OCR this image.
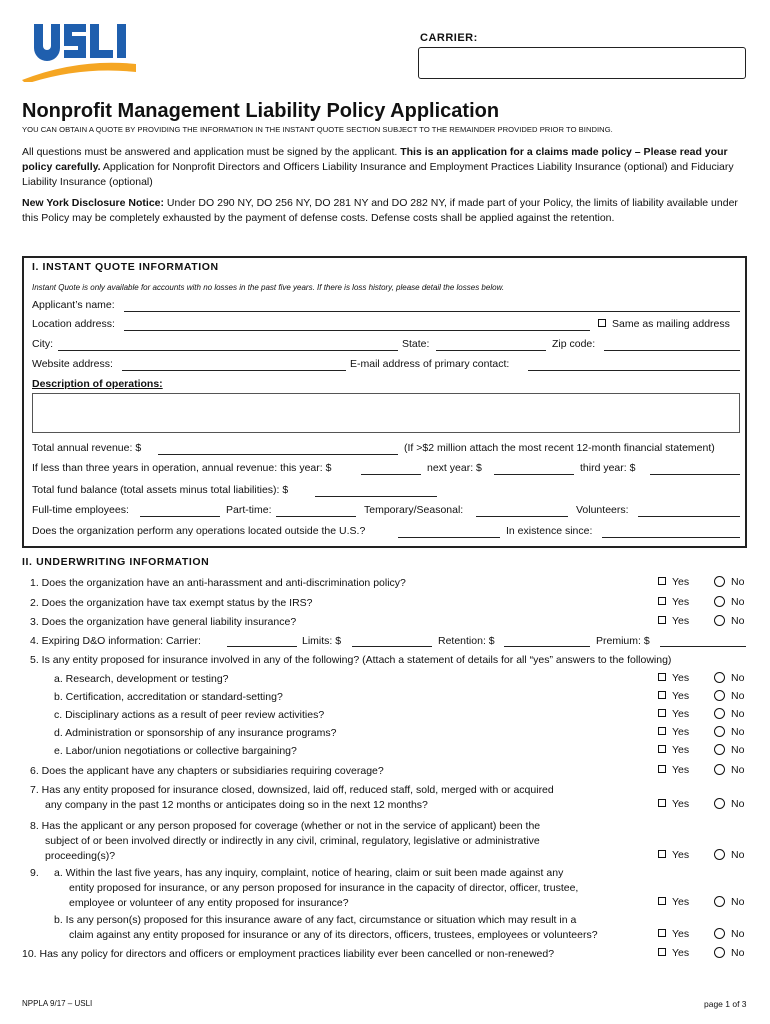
CARRIER:
Nonprofit Management Liability Policy Application
YOU CAN OBTAIN A QUOTE BY PROVIDING THE INFORMATION IN THE INSTANT QUOTE SECTION SUBJECT TO THE REMAINDER PROVIDED PRIOR TO BINDING.
All questions must be answered and application must be signed by the applicant. This is an application for a claims made policy – Please read your policy carefully. Application for Nonprofit Directors and Officers Liability Insurance and Employment Practices Liability Insurance (optional) and Fiduciary Liability Insurance (optional)
New York Disclosure Notice: Under DO 290 NY, DO 256 NY, DO 281 NY and DO 282 NY, if made part of your Policy, the limits of liability available under this Policy may be completely exhausted by the payment of defense costs. Defense costs shall be applied against the retention.
I. INSTANT QUOTE INFORMATION
Instant Quote is only available for accounts with no losses in the past five years. If there is loss history, please detail the losses below.
Applicant’s name:
Location address:	Same as mailing address
City:	State:	Zip code:
Website address:	E-mail address of primary contact:
Description of operations:
Total annual revenue: $	(If >$2 million attach the most recent 12-month financial statement)
If less than three years in operation, annual revenue: this year: $	next year: $	third year: $
Total fund balance (total assets minus total liabilities): $
Full-time employees:	Part-time:	Temporary/Seasonal:	Volunteers:
Does the organization perform any operations located outside the U.S.?	In existence since:
II. UNDERWRITING INFORMATION
1. Does the organization have an anti-harassment and anti-discrimination policy?	Yes	No
2. Does the organization have tax exempt status by the IRS?	Yes	No
3. Does the organization have general liability insurance?	Yes	No
4. Expiring D&O information: Carrier:	Limits: $	Retention: $	Premium: $
5. Is any entity proposed for insurance involved in any of the following? (Attach a statement of details for all “yes” answers to the following)
a. Research, development or testing?	Yes	No
b. Certification, accreditation or standard-setting?	Yes	No
c. Disciplinary actions as a result of peer review activities?	Yes	No
d. Administration or sponsorship of any insurance programs?	Yes	No
e. Labor/union negotiations or collective bargaining?	Yes	No
6. Does the applicant have any chapters or subsidiaries requiring coverage?	Yes	No
7. Has any entity proposed for insurance closed, downsized, laid off, reduced staff, sold, merged with or acquired
any company in the past 12 months or anticipates doing so in the next 12 months?	Yes	No
8. Has the applicant or any person proposed for coverage (whether or not in the service of applicant) been the
subject of or been involved directly or indirectly in any civil, criminal, regulatory, legislative or administrative
proceeding(s)?	Yes	No
9. a. Within the last five years, has any inquiry, complaint, notice of hearing, claim or suit been made against any
entity proposed for insurance, or any person proposed for insurance in the capacity of director, officer, trustee,
employee or volunteer of any entity proposed for insurance?	Yes	No
b. Is any person(s) proposed for this insurance aware of any fact, circumstance or situation which may result in a
claim against any entity proposed for insurance or any of its directors, officers, trustees, employees or volunteers?	Yes	No
10. Has any policy for directors and officers or employment practices liability ever been cancelled or non-renewed?	Yes	No
NPPLA 9/17 – USLI	page 1 of 3
